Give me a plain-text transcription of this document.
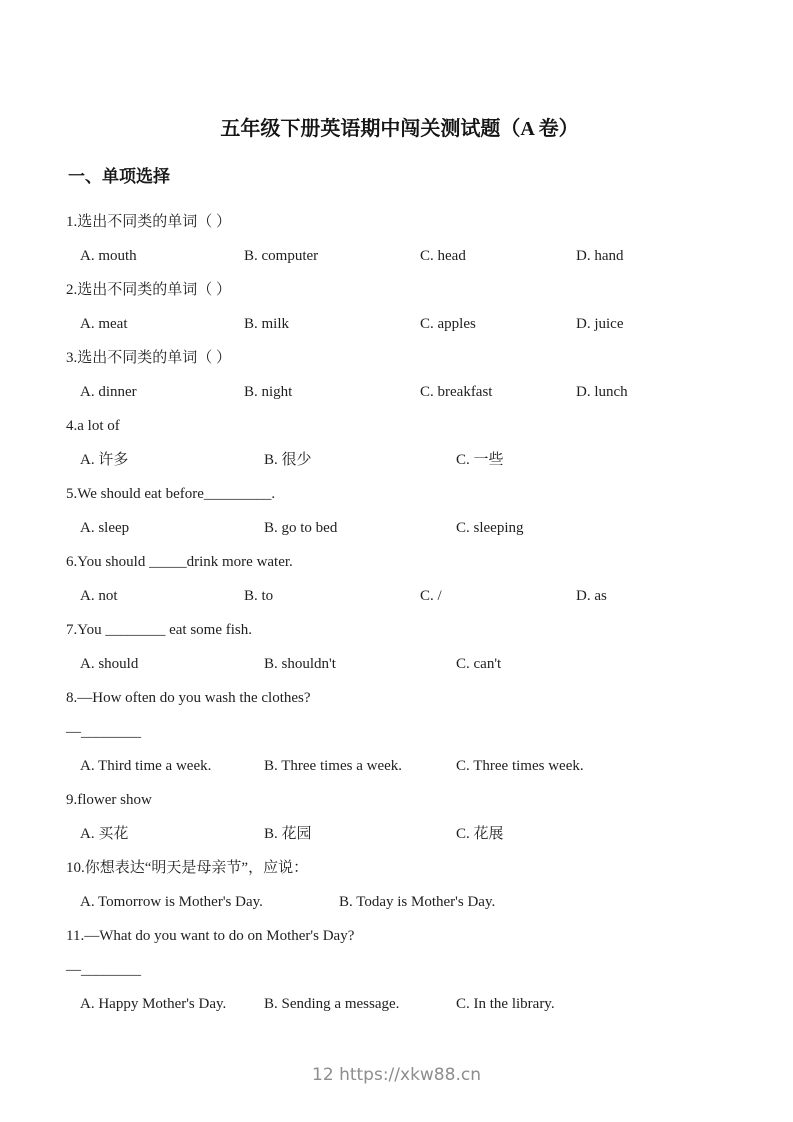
五年级下册英语期中闯关测试题（A 卷）
一、单项选择
1.选出不同类的单词（ ）
A. mouth	B. computer	C. head	D. hand
2.选出不同类的单词（ ）
A. meat	B. milk	C. apples	D. juice
3.选出不同类的单词（ ）
A. dinner	B. night	C. breakfast	D. lunch
4.a lot of
A. 许多	B. 很少	C. 一些
5.We should eat before_________.
A. sleep	B. go to bed	C. sleeping
6.You should _____drink more water.
A. not	B. to	C. /	D. as
7.You ________ eat some fish.
A. should	B. shouldn't	C. can't
8.—How often do you wash the clothes?
—________
A. Third time a week.	B. Three times a week.	C. Three times week.
9.flower show
A. 买花	B. 花园	C. 花展
10.你想表达“明天是母亲节”，应说：
A. Tomorrow is Mother's Day.	B. Today is Mother's Day.
11.—What do you want to do on Mother's Day?
—________
A. Happy Mother's Day.	B. Sending a message.	C. In the library.
12 https://xkw88.cn
